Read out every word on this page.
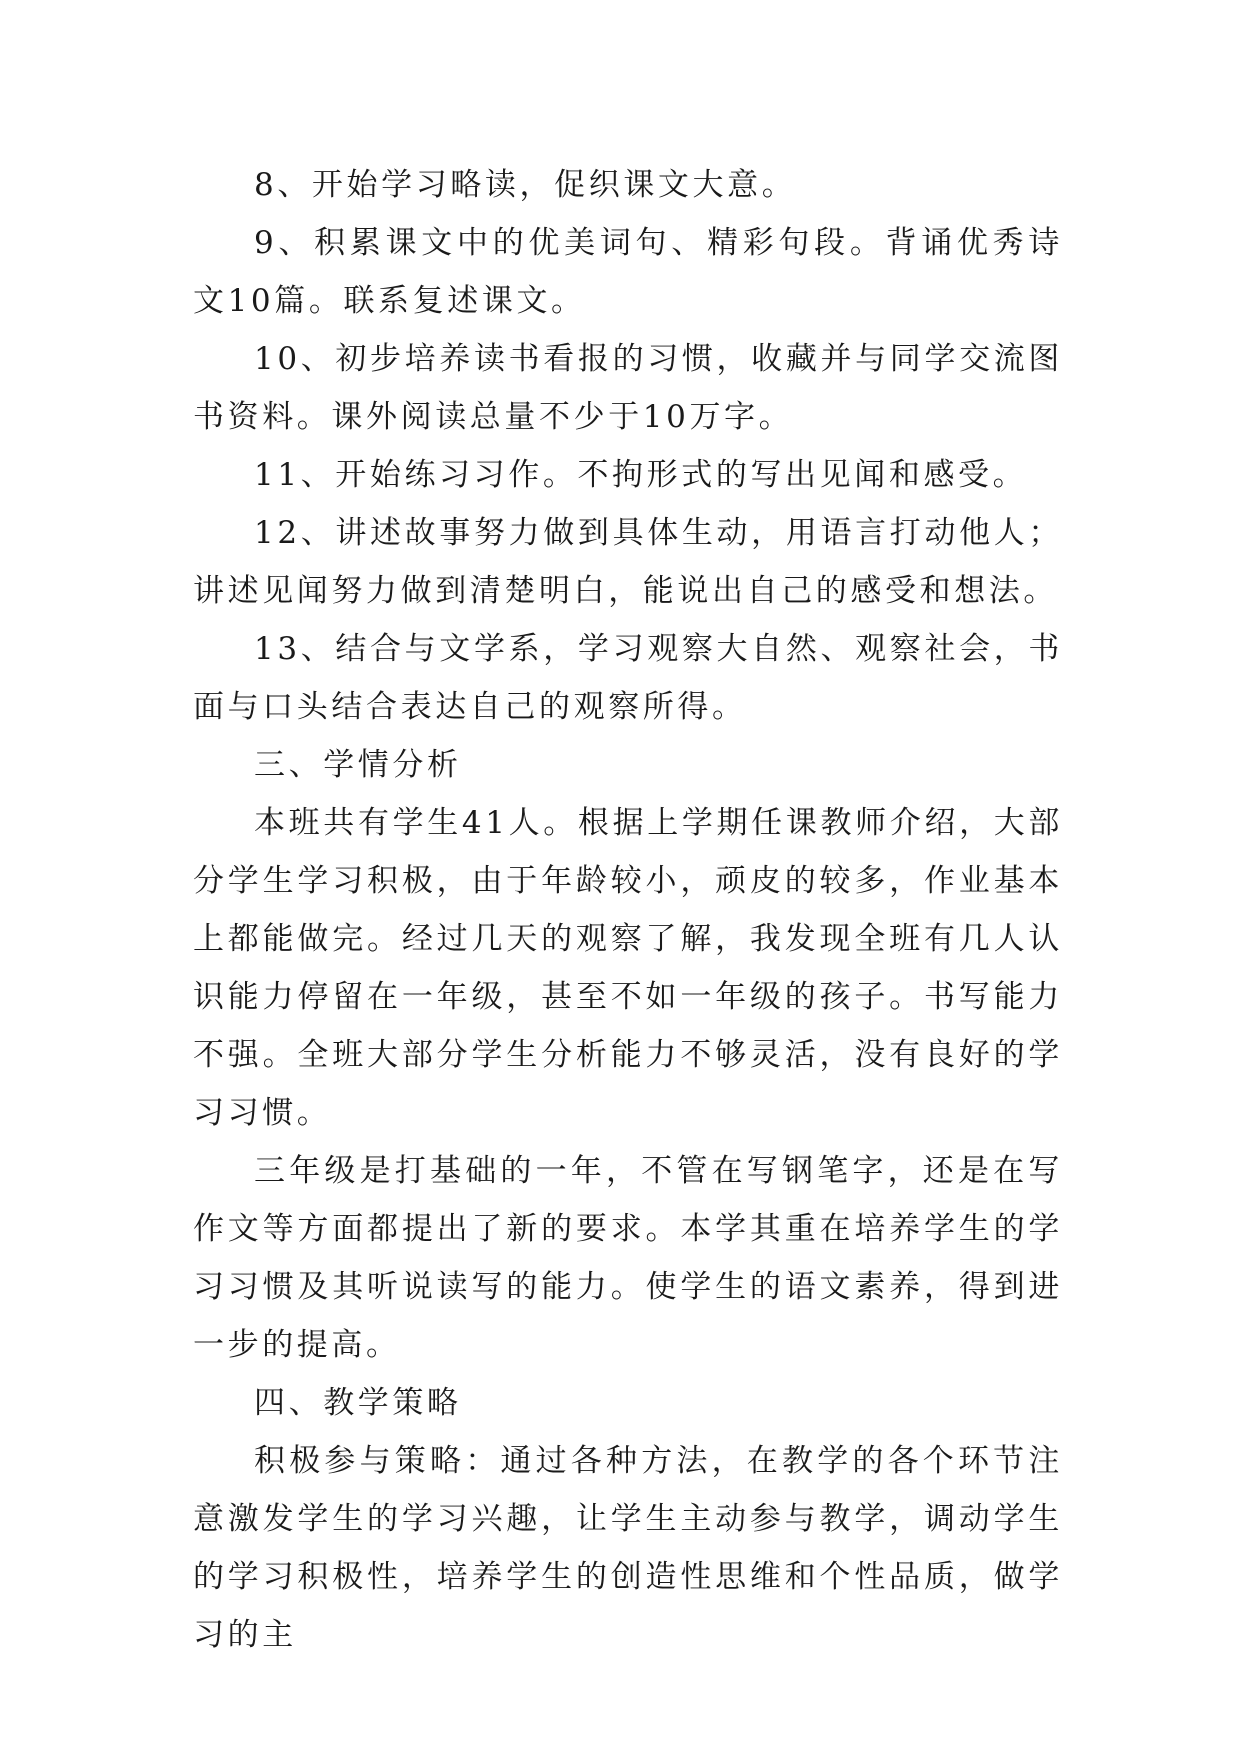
8、开始学习略读，促织课文大意。

9、积累课文中的优美词句、精彩句段。背诵优秀诗文10篇。联系复述课文。

10、初步培养读书看报的习惯，收藏并与同学交流图书资料。课外阅读总量不少于10万字。

11、开始练习习作。不拘形式的写出见闻和感受。

12、讲述故事努力做到具体生动，用语言打动他人；讲述见闻努力做到清楚明白，能说出自己的感受和想法。

13、结合与文学系，学习观察大自然、观察社会，书面与口头结合表达自己的观察所得。

三、学情分析

本班共有学生41人。根据上学期任课教师介绍，大部分学生学习积极，由于年龄较小，顽皮的较多，作业基本上都能做完。经过几天的观察了解，我发现全班有几人认识能力停留在一年级，甚至不如一年级的孩子。书写能力不强。全班大部分学生分析能力不够灵活，没有良好的学习习惯。

三年级是打基础的一年，不管在写钢笔字，还是在写作文等方面都提出了新的要求。本学其重在培养学生的学习习惯及其听说读写的能力。使学生的语文素养，得到进一步的提高。

四、教学策略

积极参与策略：通过各种方法，在教学的各个环节注意激发学生的学习兴趣，让学生主动参与教学，调动学生的学习积极性，培养学生的创造性思维和个性品质，做学习的主
